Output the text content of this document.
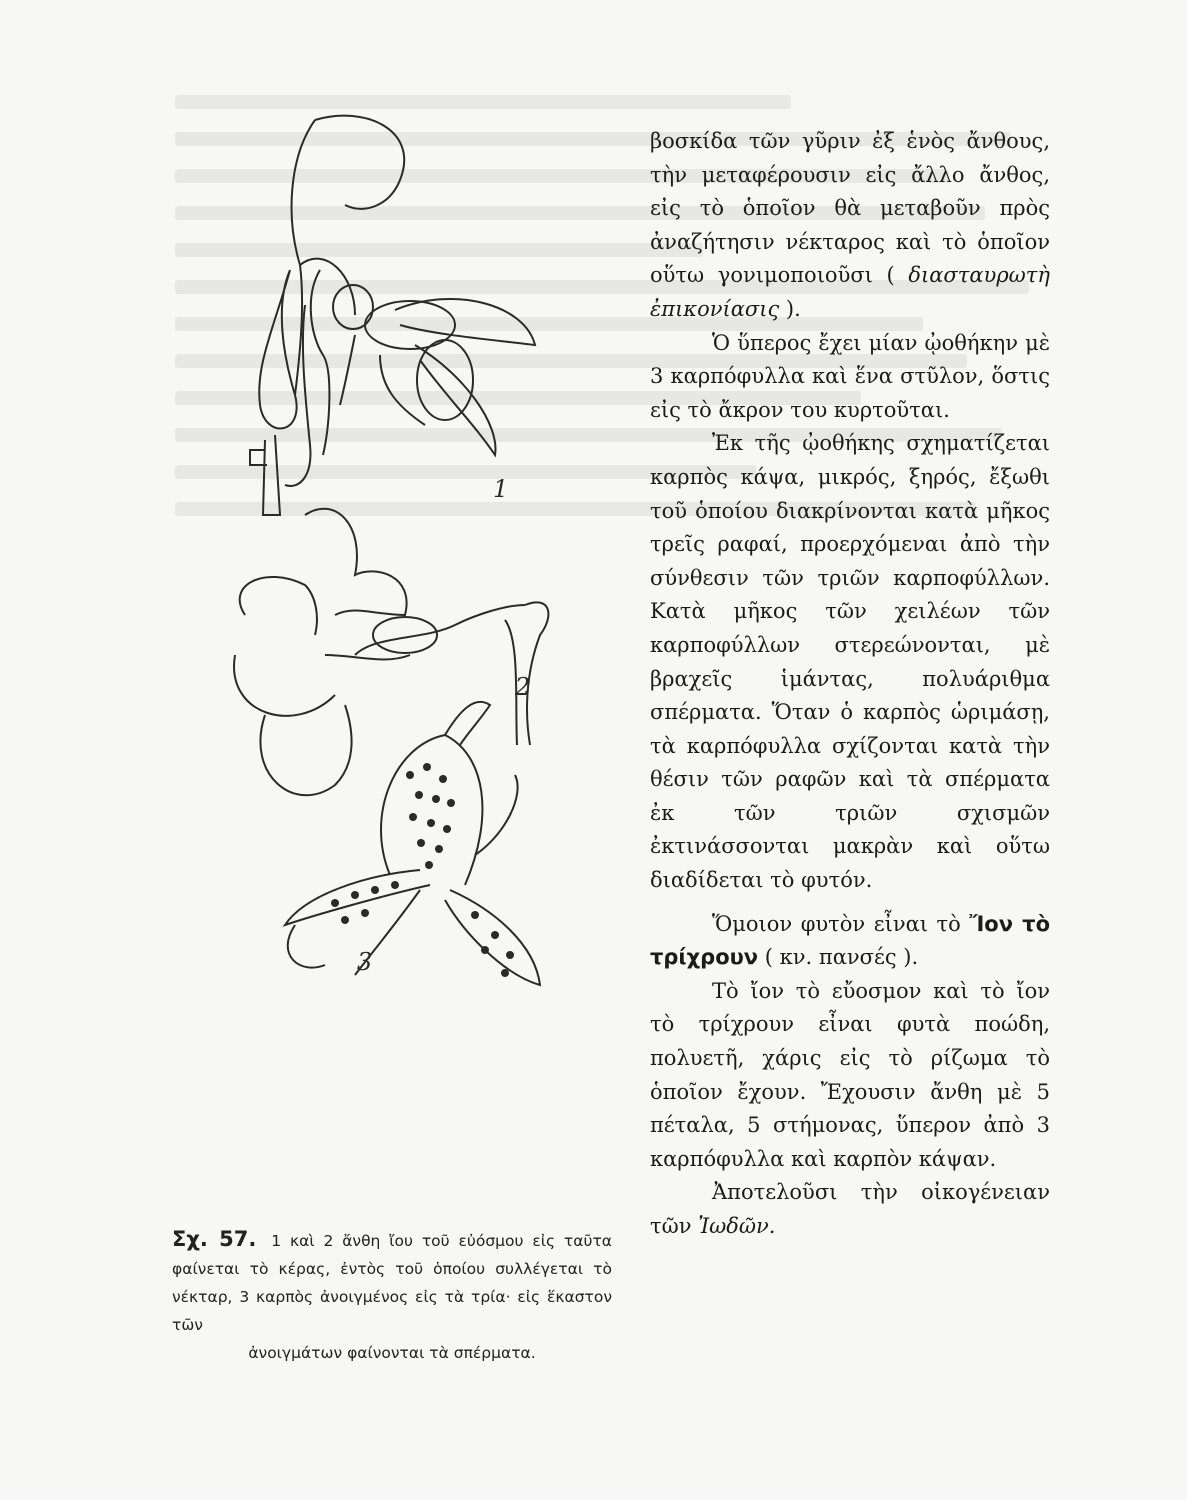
1
2
3
Σχ. 57. 1 καὶ 2 ἄνθη ἴου τοῦ εὐόσμου εἰς ταῦτα φαίνεται τὸ κέρας, ἐντὸς τοῦ ὁποίου συλλέγεται τὸ νέκταρ, 3 καρπὸς ἀνοιγμένος εἰς τὰ τρία· εἰς ἕκαστον τῶν
ἀνοιγμάτων φαίνονται τὰ σπέρματα.

βοσκίδα τῶν γῦριν ἐξ ἑνὸς ἄνθους, τὴν μεταφέρουσιν εἰς ἄλλο ἄνθος, εἰς τὸ ὁποῖον θὰ μεταβοῦν πρὸς ἀναζήτησιν νέκταρος καὶ τὸ ὁποῖον οὕτω γονιμοποιοῦσι ( διασταυρωτὴ ἐπικονίασις ).

Ὁ ὕπερος ἔχει μίαν ᾠοθήκην μὲ 3 καρπόφυλλα καὶ ἕνα στῦλον, ὅστις εἰς τὸ ἄκρον του κυρτοῦται.

Ἐκ τῆς ᾠοθήκης σχηματίζεται καρπὸς κάψα, μικρός, ξηρός, ἔξωθι τοῦ ὁποίου διακρίνονται κατὰ μῆκος τρεῖς ραφαί, προερχόμεναι ἀπὸ τὴν σύνθεσιν τῶν τριῶν καρποφύλλων. Κατὰ μῆκος τῶν χειλέων τῶν καρποφύλλων στερεώνονται, μὲ βραχεῖς ἱμάντας, πολυάριθμα σπέρματα. Ὅταν ὁ καρπὸς ὡριμάσῃ, τὰ καρπόφυλλα σχίζονται κατὰ τὴν θέσιν τῶν ραφῶν καὶ τὰ σπέρματα ἐκ τῶν τριῶν σχισμῶν ἐκτινάσσονται μακρὰν καὶ οὕτω διαδίδεται τὸ φυτόν.

Ὅμοιον φυτὸν εἶναι τὸ Ἴον τὸ τρίχρουν ( κν. πανσές ).

Τὸ ἴον τὸ εὔοσμον καὶ τὸ ἴον τὸ τρίχρουν εἶναι φυτὰ ποώδη, πολυετῆ, χάρις εἰς τὸ ρίζωμα τὸ ὁποῖον ἔχουν. Ἔχουσιν ἄνθη μὲ 5 πέταλα, 5 στήμονας, ὕπερον ἀπὸ 3 καρπόφυλλα καὶ καρπὸν κάψαν.

Ἀποτελοῦσι τὴν οἰκογένειαν τῶν Ἰωδῶν.
